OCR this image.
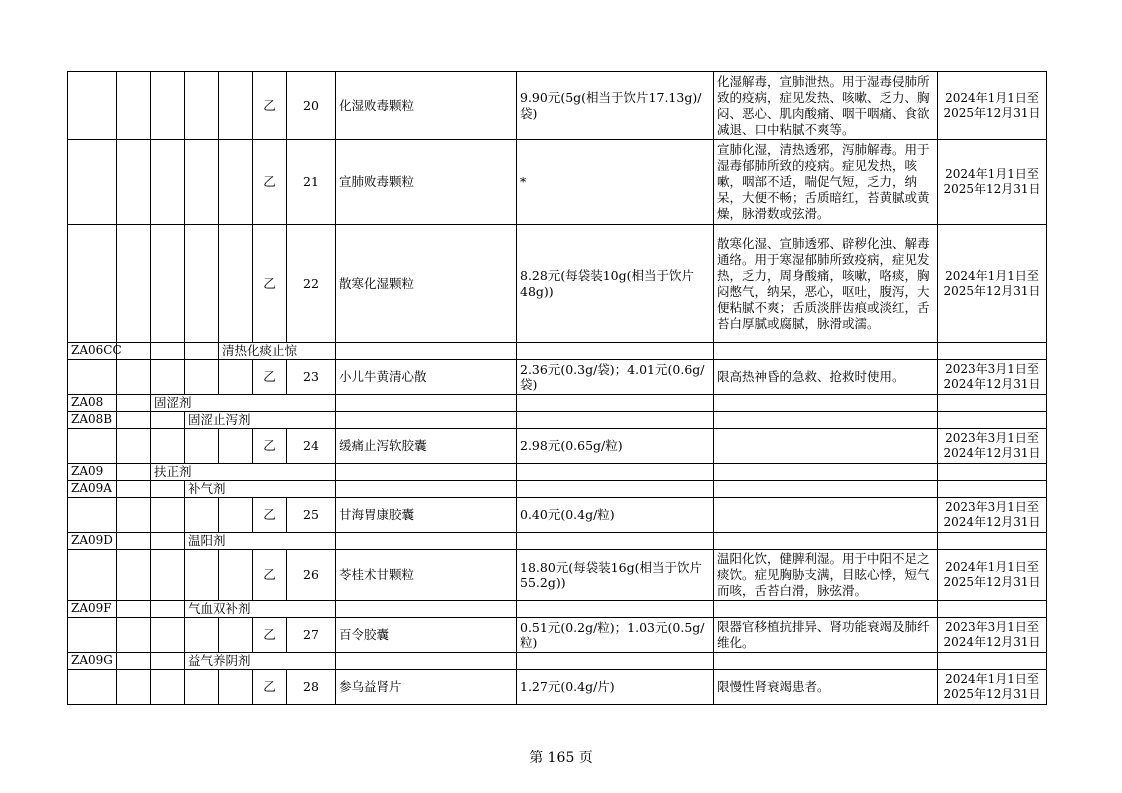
					乙	20	化湿败毒颗粒	9.90元(5g(相当于饮片17.13g)/袋)	化湿解毒，宣肺泄热。用于湿毒侵肺所致的疫病，症见发热、咳嗽、乏力、胸闷、恶心、肌肉酸痛、咽干咽痛、食欲减退、口中粘腻不爽等。	2024年1月1日至2025年12月31日
					乙	21	宣肺败毒颗粒	*	宣肺化湿，清热透邪，泻肺解毒。用于湿毒郁肺所致的疫病。症见发热，咳嗽，咽部不适，喘促气短，乏力，纳呆，大便不畅；舌质暗红，苔黄腻或黄燥，脉滑数或弦滑。	2024年1月1日至2025年12月31日
					乙	22	散寒化湿颗粒	8.28元(每袋装10g(相当于饮片48g))	散寒化湿、宣肺透邪、辟秽化浊、解毒通络。用于寒湿郁肺所致疫病，症见发热，乏力，周身酸痛，咳嗽，咯痰，胸闷憋气，纳呆，恶心，呕吐，腹泻，大便粘腻不爽；舌质淡胖齿痕或淡红，舌苔白厚腻或腐腻，脉滑或濡。	2024年1月1日至2025年12月31日
ZA06CC				清热化痰止惊						
					乙	23	小儿牛黄清心散	2.36元(0.3g/袋)；4.01元(0.6g/袋)	限高热神昏的急救、抢救时使用。	2023年3月1日至2024年12月31日
ZA08		固涩剂								
ZA08B			固涩止泻剂							
					乙	24	缓痛止泻软胶囊	2.98元(0.65g/粒)		2023年3月1日至2024年12月31日
ZA09		扶正剂								
ZA09A			补气剂							
					乙	25	甘海胃康胶囊	0.40元(0.4g/粒)		2023年3月1日至2024年12月31日
ZA09D			温阳剂							
					乙	26	苓桂术甘颗粒	18.80元(每袋装16g(相当于饮片55.2g))	温阳化饮，健脾利湿。用于中阳不足之痰饮。症见胸胁支满，目眩心悸，短气而咳，舌苔白滑，脉弦滑。	2024年1月1日至2025年12月31日
ZA09F			气血双补剂							
					乙	27	百令胶囊	0.51元(0.2g/粒)；1.03元(0.5g/粒)	限器官移植抗排异、肾功能衰竭及肺纤维化。	2023年3月1日至2024年12月31日
ZA09G			益气养阴剂							
					乙	28	参乌益肾片	1.27元(0.4g/片)	限慢性肾衰竭患者。	2024年1月1日至2025年12月31日
第 165 页
